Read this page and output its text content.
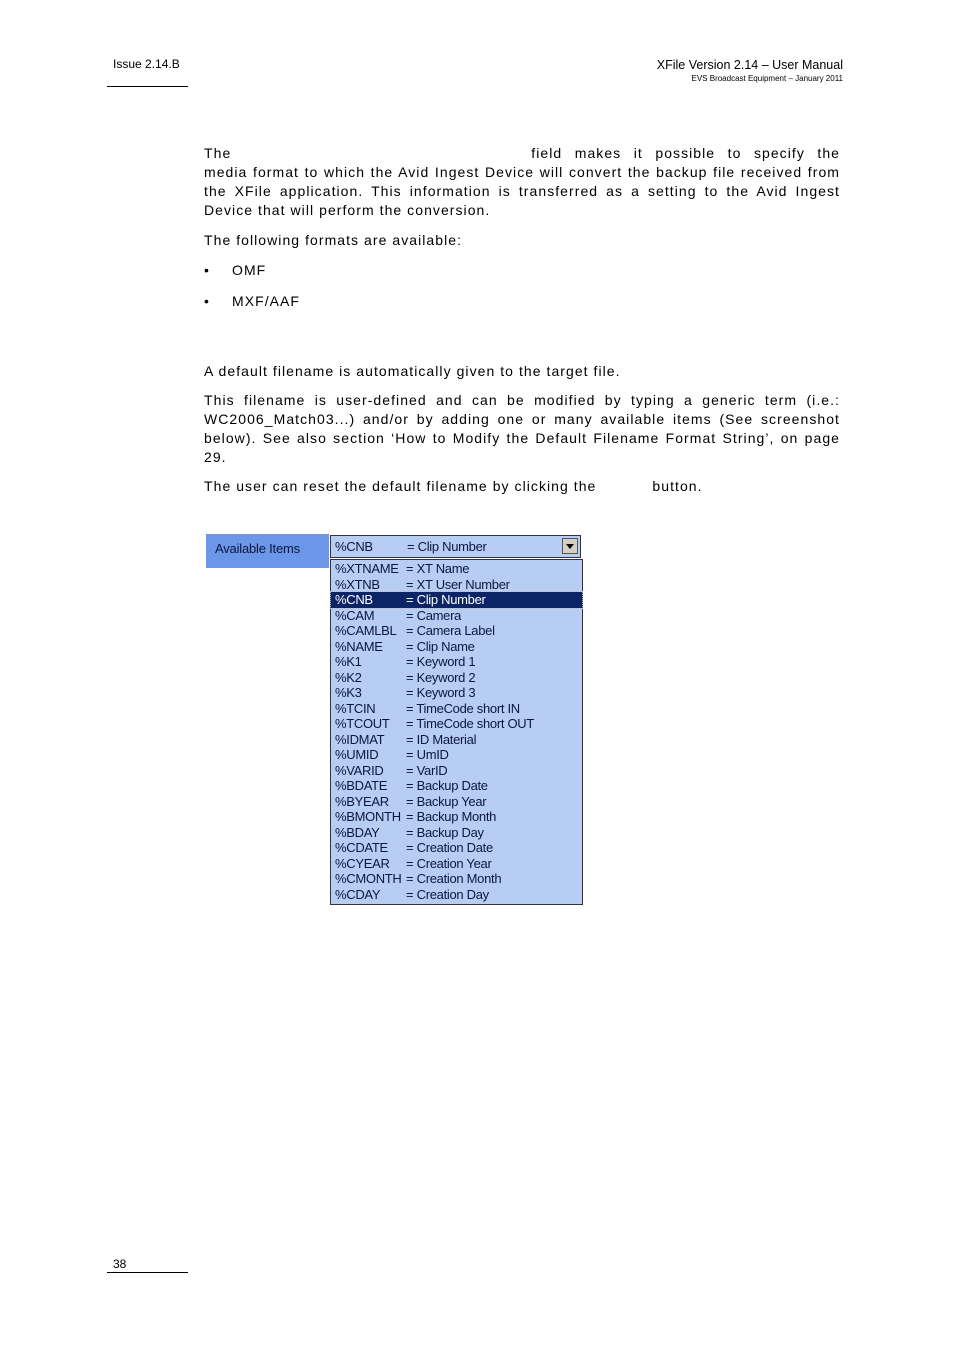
Issue 2.14.B	XFile Version 2.14 – User Manual
EVS Broadcast Equipment – January 2011
The	field makes it possible to specify the media format to which the Avid Ingest Device will convert the backup file received from the XFile application. This information is transferred as a setting to the Avid Ingest Device that will perform the conversion.
The following formats are available:
• OMF
• MXF/AAF
A default filename is automatically given to the target file.
This filename is user-defined and can be modified by typing a generic term (i.e.: WC2006_Match03...) and/or by adding one or many available items (See screenshot below). See also section ‘How to Modify the Default Filename Format String’, on page 29.
The user can reset the default filename by clicking the	button.
Available Items	%CNB	= Clip Number
%XTNAME = XT Name
%XTNB = XT User Number
%CNB	= Clip Number
%CAM = Camera
%CAMLBL = Camera Label
%NAME = Clip Name
%K1	= Keyword 1
%K2	= Keyword 2
%K3	= Keyword 3
%TCIN = TimeCode short IN
%TCOUT = TimeCode short OUT
%IDMAT = ID Material
%UMID = UmID
%VARID = VarID
%BDATE = Backup Date
%BYEAR = Backup Year
%BMONTH = Backup Month
%BDAY = Backup Day
%CDATE = Creation Date
%CYEAR = Creation Year
%CMONTH = Creation Month
%CDAY = Creation Day
38
